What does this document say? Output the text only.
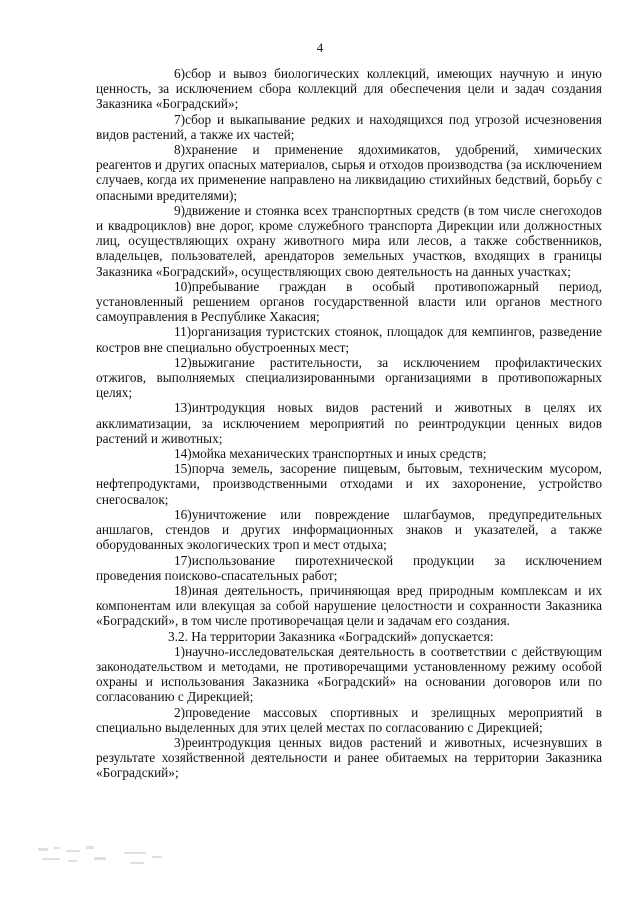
4

6)сбор и вывоз биологических коллекций, имеющих научную и иную ценность, за исключением сбора коллекций для обеспечения цели и задач создания Заказника «Боградский»;

7)сбор и выкапывание редких и находящихся под угрозой исчезновения видов растений, а также их частей;

8)хранение и применение ядохимикатов, удобрений, химических реагентов и других опасных материалов, сырья и отходов производства (за исключением случаев, когда их применение направлено на ликвидацию стихийных бедствий, борьбу с опасными вредителями);

9)движение и стоянка всех транспортных средств (в том числе снегоходов и квадроциклов) вне дорог, кроме служебного транспорта Дирекции или должностных лиц, осуществляющих охрану животного мира или лесов, а также собственников, владельцев, пользователей, арендаторов земельных участков, входящих в границы Заказника «Боградский», осуществляющих свою деятельность на данных участках;

10)пребывание граждан в особый противопожарный период, установленный решением органов государственной власти или органов местного самоуправления в Республике Хакасия;

11)организация туристских стоянок, площадок для кемпингов, разведение костров вне специально обустроенных мест;

12)выжигание растительности, за исключением профилактических отжигов, выполняемых специализированными организациями в противопожарных целях;

13)интродукция новых видов растений и животных в целях их акклиматизации, за исключением мероприятий по реинтродукции ценных видов растений и животных;

14)мойка механических транспортных и иных средств;

15)порча земель, засорение пищевым, бытовым, техническим мусором, нефтепродуктами, производственными отходами и их захоронение, устройство снегосвалок;

16)уничтожение или повреждение шлагбаумов, предупредительных аншлагов, стендов и других информационных знаков и указателей, а также оборудованных экологических троп и мест отдыха;

17)использование пиротехнической продукции за исключением проведения поисково-спасательных работ;

18)иная деятельность, причиняющая вред природным комплексам и их компонентам или влекущая за собой нарушение целостности и сохранности Заказника «Боградский», в том числе противоречащая цели и задачам его создания.

3.2. На территории Заказника «Боградский» допускается:

1)научно-исследовательская деятельность в соответствии с действующим законодательством и методами, не противоречащими установленному режиму особой охраны и использования Заказника «Боградский» на основании договоров или по согласованию с Дирекцией;

2)проведение массовых спортивных и зрелищных мероприятий в специально выделенных для этих целей местах по согласованию с Дирекцией;

3)реинтродукция ценных видов растений и животных, исчезнувших в результате хозяйственной деятельности и ранее обитаемых на территории Заказника «Боградский»;
